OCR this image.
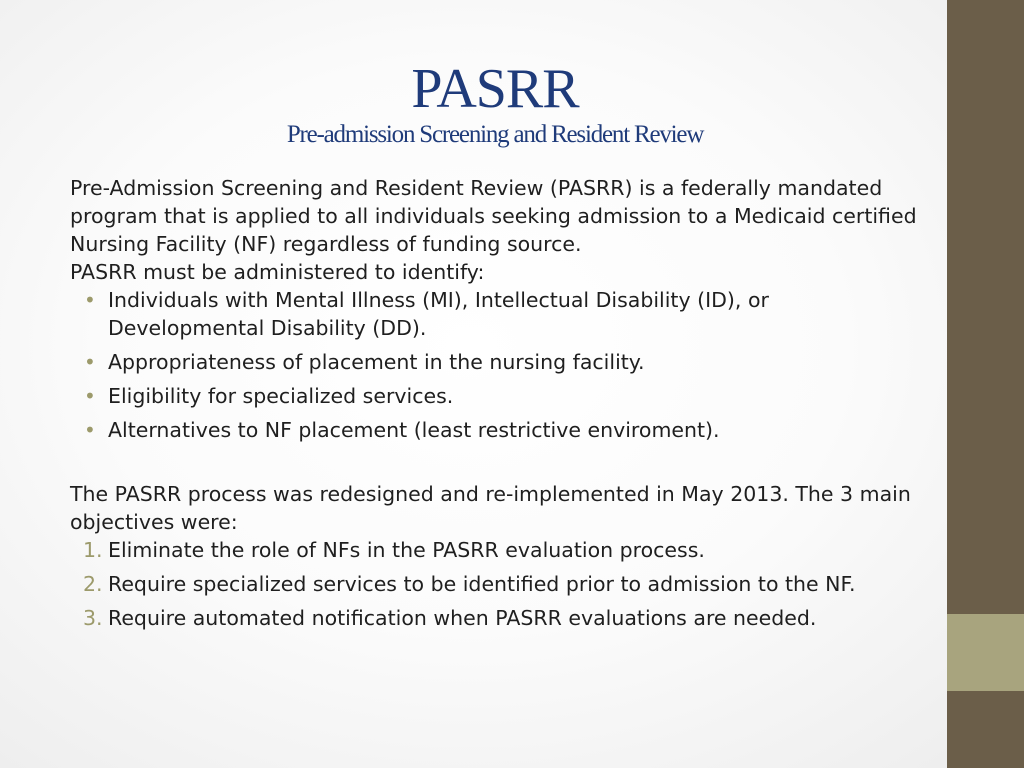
PASRR
Pre-admission Screening and Resident Review

Pre-Admission Screening and Resident Review (PASRR) is a federally mandated program that is applied to all individuals seeking admission to a Medicaid certified Nursing Facility (NF) regardless of funding source.

PASRR must be administered to identify:

• Individuals with Mental Illness (MI), Intellectual Disability (ID), or Developmental Disability (DD).
• Appropriateness of placement in the nursing facility.
• Eligibility for specialized services.
• Alternatives to NF placement (least restrictive enviroment).

The PASRR process was redesigned and re-implemented in May 2013. The 3 main objectives were:

1. Eliminate the role of NFs in the PASRR evaluation process.
2. Require specialized services to be identified prior to admission to the NF.
3. Require automated notification when PASRR evaluations are needed.
